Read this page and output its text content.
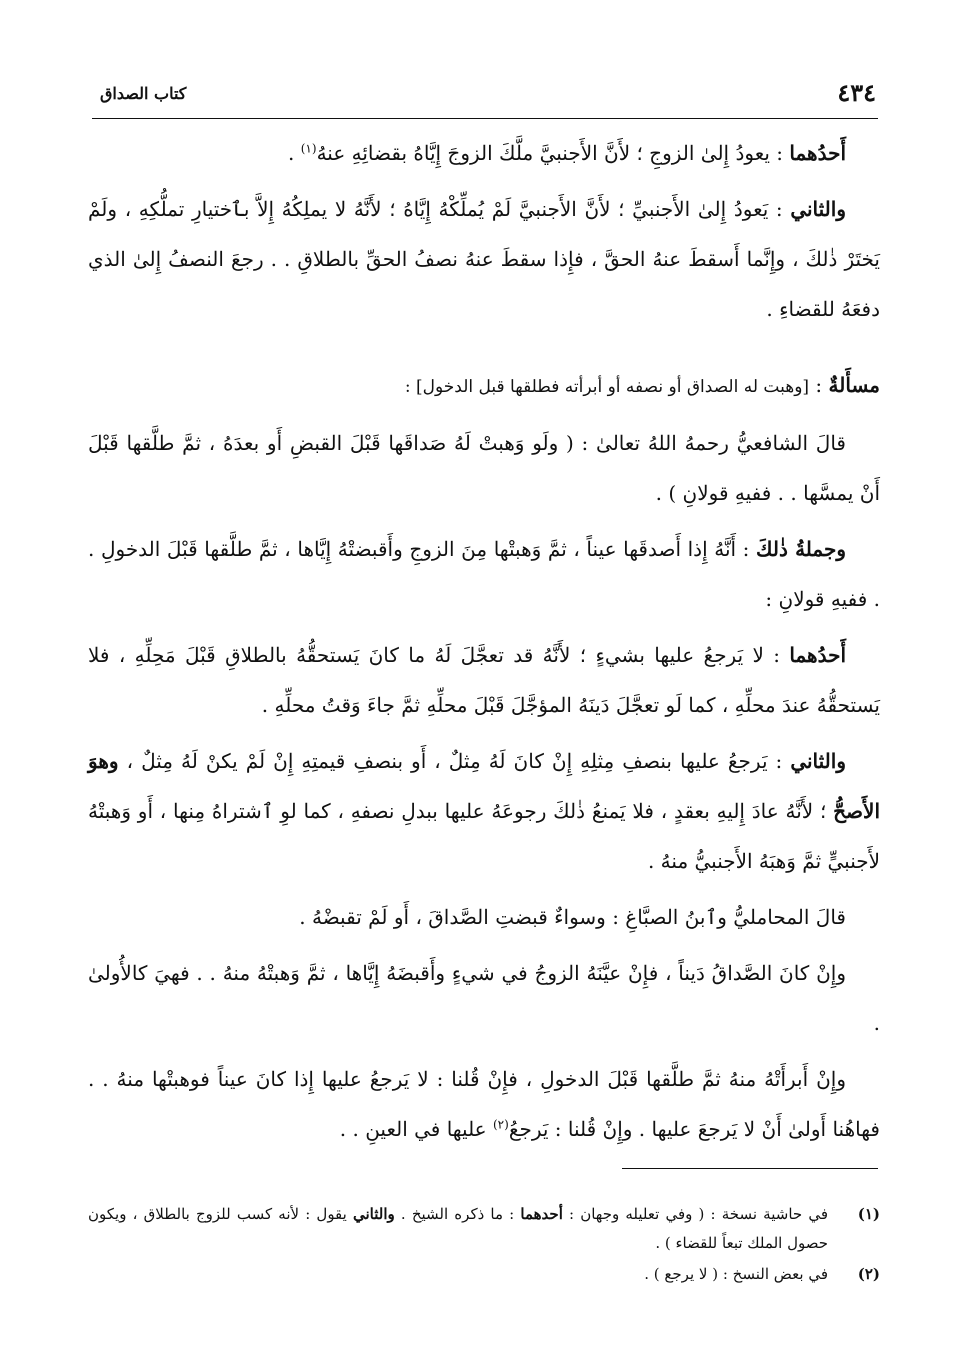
٤٣٤
كتاب الصداق

أَحدُهما : يعودُ إِلىٰ الزوجِ ؛ لأَنَّ الأَجنبيَّ ملَّكَ الزوجَ إِيَّاهُ بقضائِهِ عنهُ$^{(١)}$ .

والثاني : يَعودُ إِلىٰ الأَجنبيِّ ؛ لأَنَّ الأَجنبيَّ لَمْ يُملِّكْهُ إِيَّاهُ ؛ لأَنَّهُ لا يملِكُهُ إِلاَّ بٱختيارِ تملُّكِهِ ، ولَمْ يَختَرْ ذٰلكَ ، وإِنَّما أَسقطَ عنهُ الحقَّ ، فإِذا سقطَ عنهُ نصفُ الحقِّ بالطلاقِ . . رجعَ النصفُ إِلىٰ الذي دفعَهُ للقضاءِ .

مسأَلةٌ : [وهبت له الصداق أو نصفه أو أبرأته فطلقها قبل الدخول] :

قالَ الشافعيُّ رحمهُ اللهُ تعالىٰ : ( ولَو وَهبتْ لَهُ صَداقَها قَبْلَ القبضِ أَو بعدَهُ ، ثمَّ طلَّقها قَبْلَ أَنْ يمسَّها . . ففيهِ قولانِ ) .

وجملةُ ذٰلكَ : أَنَّهُ إِذا أَصدقَها عيناً ، ثمَّ وَهبتْها مِنَ الزوجِ وأَقبضتْهُ إِيَّاها ، ثمَّ طلَّقها قَبْلَ الدخولِ . . ففيهِ قولانِ :

أَحدُهما : لا يَرجعُ عليها بشيءٍ ؛ لأَنَّهُ قد تعجَّلَ لَهُ ما كانَ يَستحقُّهُ بالطلاقِ قَبْلَ مَحِلِّهِ ، فلا يَستحقُّهُ عندَ محلِّهِ ، كما لَو تعجَّلَ دَينَهُ المؤجَّلَ قَبْلَ محلِّهِ ثمَّ جاءَ وَقتُ محلِّهِ .

والثاني : يَرجعُ عليها بنصفِ مِثلِهِ إِنْ كانَ لَهُ مِثلٌ ، أَو بنصفِ قيمتِهِ إِنْ لَمْ يكنْ لَهُ مِثلٌ ، وهوَ الأَصحُّ ؛ لأَنَّهُ عادَ إِليهِ بعقدٍ ، فلا يَمنعُ ذٰلكَ رجوعَهُ عليها ببدلِ نصفهِ ، كما لوِ ٱشتراهُ مِنها ، أَو وَهبتْهُ لأَجنبيٍّ ثمَّ وَهبَهُ الأَجنبيُّ منهُ .

قالَ المحامليُّ وٱبنُ الصبَّاغِ : وسواءٌ قبضتِ الصَّداقَ ، أَو لَمْ تقبضْهُ .

وإِنْ كانَ الصَّداقُ دَيناً ، فإِنْ عيَّنَهُ الزوجُ في شيءٍ وأَقبضَهُ إِيَّاها ، ثمَّ وَهبتْهُ منهُ . . فهيَ كالأُولىٰ .

وإِنْ أَبرأَتْهُ منهُ ثمَّ طلَّقها قَبْلَ الدخولِ ، فإِنْ قُلنا : لا يَرجعُ عليها إِذا كانَ عيناً فوهبتْها منهُ . . فهاهُنا أَولىٰ أَنْ لا يَرجعَ عليها . وإِنْ قُلنا : يَرجعُ$^{(٢)}$ عليها في العينِ . .

(١)
في حاشية نسخة : ( وفي تعليله وجهان : أحدهما : ما ذكره الشيخ . والثاني يقول : لأنه كسب للزوج بالطلاق ، ويكون حصول الملك تبعاً للقضاء ) .
(٢)
في بعض النسخ : ( لا يرجع ) .
